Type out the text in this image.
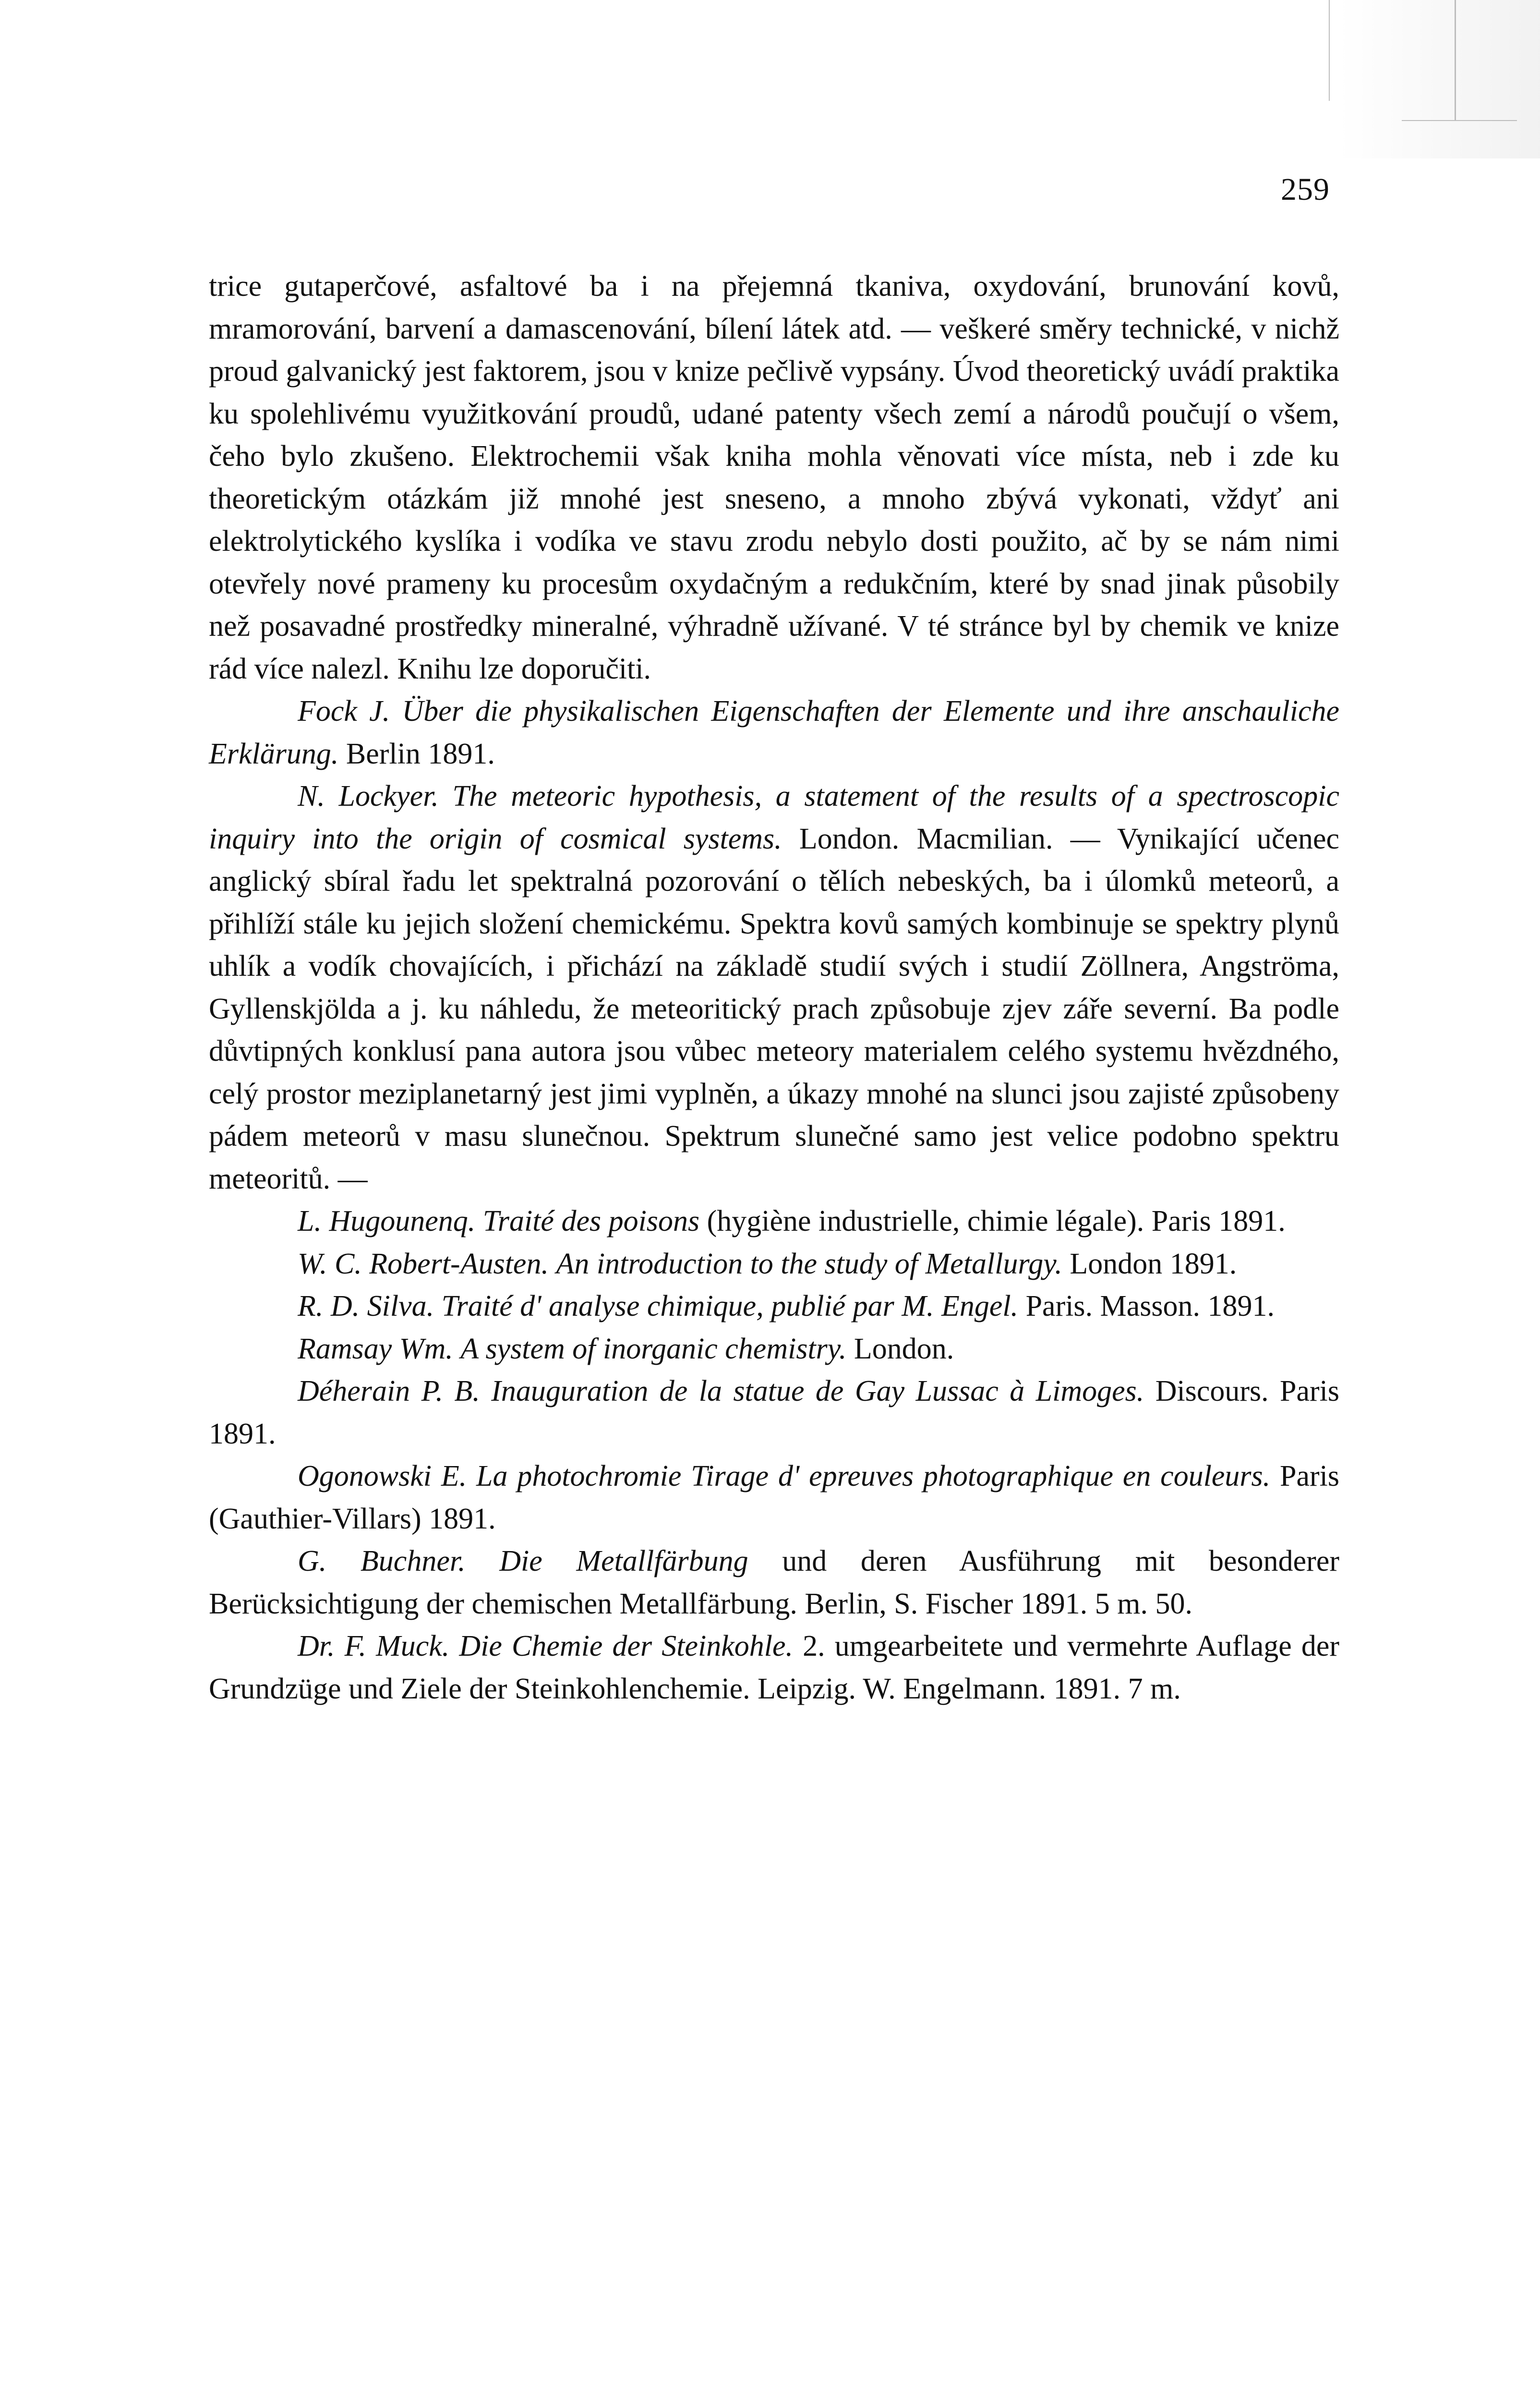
259

trice gutaperčové, asfaltové ba i na přejemná tkaniva, oxydování, brunování kovů, mramorování, barvení a damascenování, bílení látek atd. — veškeré směry technické, v nichž proud galvanický jest faktorem, jsou v knize pečlivě vypsány. Úvod theoretický uvádí praktika ku spolehlivému využitkování proudů, udané patenty všech zemí a národů poučují o všem, čeho bylo zkušeno. Elektrochemii však kniha mohla věnovati více místa, neb i zde ku theoretickým otázkám již mnohé jest sneseno, a mnoho zbývá vykonati, vždyť ani elektrolytického kyslíka i vodíka ve stavu zrodu nebylo dosti použito, ač by se nám nimi otevřely nové prameny ku procesům oxydačným a redukčním, které by snad jinak působily než posavadné prostředky mineralné, výhradně užívané. V té stránce byl by chemik ve knize rád více nalezl. Knihu lze doporučiti.

Fock J. Über die physikalischen Eigenschaften der Elemente und ihre anschauliche Erklärung. Berlin 1891.

N. Lockyer. The meteoric hypothesis, a statement of the results of a spectroscopic inquiry into the origin of cosmical systems. London. Macmilian. — Vynikající učenec anglický sbíral řadu let spektralná pozorování o tělích nebeských, ba i úlomků meteorů, a přihlíží stále ku jejich složení chemickému. Spektra kovů samých kombinuje se spektry plynů uhlík a vodík chovajících, i přichází na základě studií svých i studií Zöllnera, Angströma, Gyllenskjölda a j. ku náhledu, že meteoritický prach způsobuje zjev záře severní. Ba podle důvtipných konklusí pana autora jsou vůbec meteory materialem celého systemu hvězdného, celý prostor meziplanetarný jest jimi vyplněn, a úkazy mnohé na slunci jsou zajisté způsobeny pádem meteorů v masu slunečnou. Spektrum slunečné samo jest velice podobno spektru meteoritů. —

L. Hugounenq. Traité des poisons (hygiène industrielle, chimie légale). Paris 1891.

W. C. Robert-Austen. An introduction to the study of Metallurgy. London 1891.

R. D. Silva. Traité d' analyse chimique, publié par M. Engel. Paris. Masson. 1891.

Ramsay Wm. A system of inorganic chemistry. London.

Déherain P. B. Inauguration de la statue de Gay Lussac à Limoges. Discours. Paris 1891.

Ogonowski E. La photochromie Tirage d' epreuves photographique en couleurs. Paris (Gauthier-Villars) 1891.

G. Buchner. Die Metallfärbung und deren Ausführung mit besonderer Berücksichtigung der chemischen Metallfärbung. Berlin, S. Fischer 1891. 5 m. 50.

Dr. F. Muck. Die Chemie der Steinkohle. 2. umgearbeitete und vermehrte Auflage der Grundzüge und Ziele der Steinkohlenchemie. Leipzig. W. Engelmann. 1891. 7 m.
